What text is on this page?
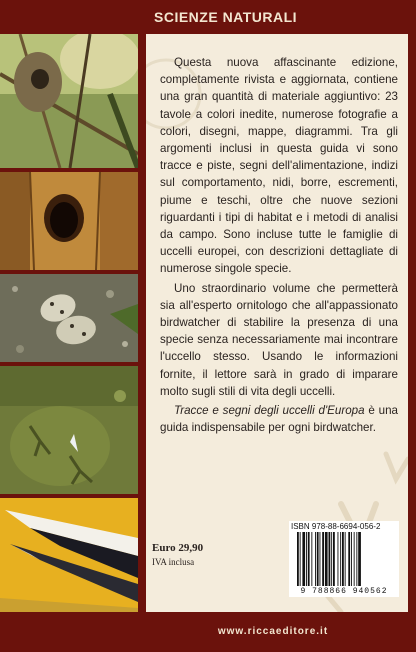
SCIENZE NATURALI

Questa nuova affascinante edizione, completamente rivista e aggiornata, contiene una gran quantità di materiale aggiuntivo: 23 tavole a colori inedite, numerose fotografie a colori, disegni, mappe, diagrammi. Tra gli argomenti inclusi in questa guida vi sono tracce e piste, segni dell'alimentazione, indizi sul comportamento, nidi, borre, escrementi, piume e teschi, oltre che nuove sezioni riguardanti i tipi di habitat e i metodi di analisi da campo. Sono incluse tutte le famiglie di uccelli europei, con descrizioni dettagliate di numerose singole specie.

Uno straordinario volume che permetterà sia all'esperto ornitologo che all'appassionato birdwatcher di stabilire la presenza di una specie senza necessariamente mai incontrare l'uccello stesso. Usando le informazioni fornite, il lettore sarà in grado di imparare molto sugli stili di vita degli uccelli.

Tracce e segni degli uccelli d'Europa è una guida indispensabile per ogni birdwatcher.

Euro 29,90
IVA inclusa
ISBN 978-88-6694-056-2
9 788866 940562
www.riccaeditore.it
